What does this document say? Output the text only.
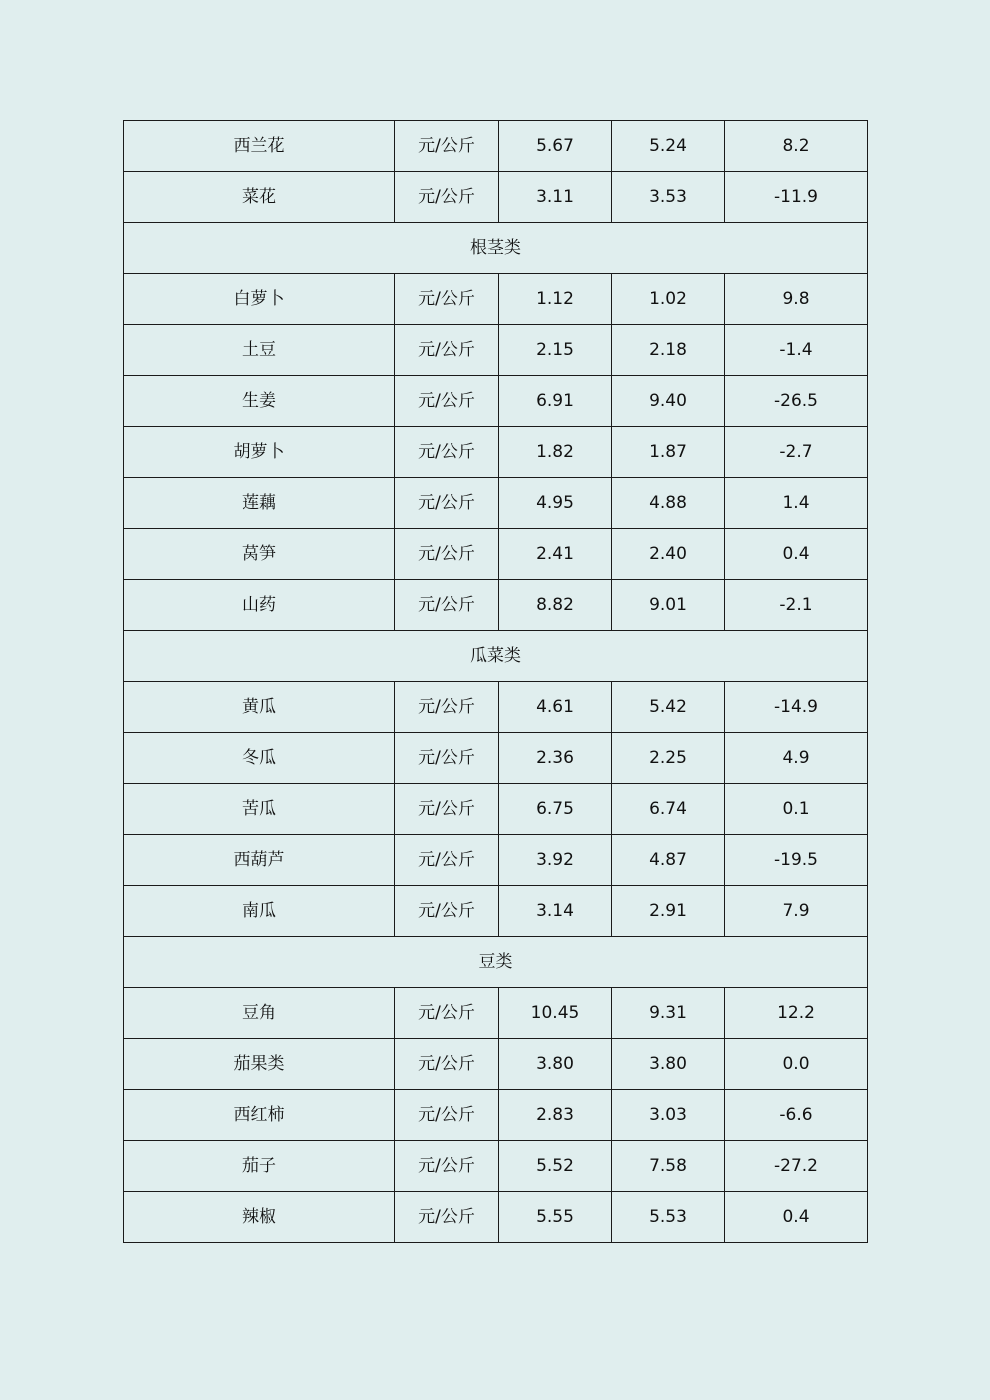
西兰花	元/公斤	5.67	5.24	8.2
菜花	元/公斤	3.11	3.53	-11.9
根茎类				
白萝卜	元/公斤	1.12	1.02	9.8
土豆	元/公斤	2.15	2.18	-1.4
生姜	元/公斤	6.91	9.40	-26.5
胡萝卜	元/公斤	1.82	1.87	-2.7
莲藕	元/公斤	4.95	4.88	1.4
莴笋	元/公斤	2.41	2.40	0.4
山药	元/公斤	8.82	9.01	-2.1
瓜菜类				
黄瓜	元/公斤	4.61	5.42	-14.9
冬瓜	元/公斤	2.36	2.25	4.9
苦瓜	元/公斤	6.75	6.74	0.1
西葫芦	元/公斤	3.92	4.87	-19.5
南瓜	元/公斤	3.14	2.91	7.9
豆类				
豆角	元/公斤	10.45	9.31	12.2
茄果类	元/公斤	3.80	3.80	0.0
西红柿	元/公斤	2.83	3.03	-6.6
茄子	元/公斤	5.52	7.58	-27.2
辣椒	元/公斤	5.55	5.53	0.4
